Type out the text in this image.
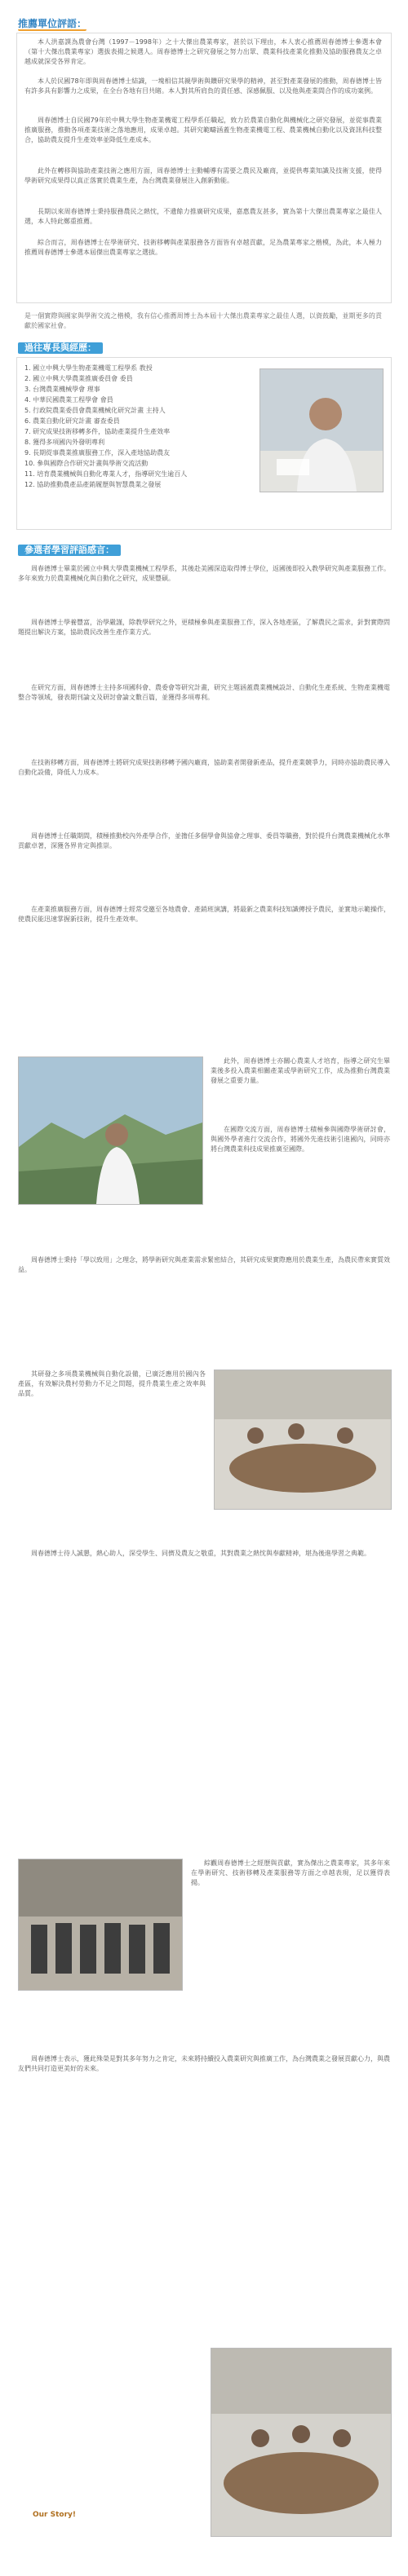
推薦單位評語：

本人洪嘉謨為農會台灣（1997－1998年）之十大傑出農業專家，甚於以下理由，本人衷心推薦周春德博士參選本會（第十大傑出農業專家）選拔表揚之候選人。周春德博士之研究發展之努力出眾、農業科技產業化推動及協助服務農友之卓越成就深受各界肯定。

本人於民國78年即與周春德博士結識，一塊相信其親學術與鑽研究果學的精神，甚至對產業發展的推動，周春德博士皆有許多具有影響力之成果，在全台各地有目共睹。本人對其所肩負的責任感、深感佩服、以及他與產業間合作的成功案例。

周春德博士自民國79年於中興大學生物產業機電工程學系任職起，致力於農業自動化與機械化之研究發展，並從事農業推廣服務，推動各項產業技術之落地應用，成果卓越。其研究範疇涵蓋生物產業機電工程、農業機械自動化以及資訊科技整合，協助農友提升生產效率並降低生產成本。

此外在轉移與協助產業技術之應用方面，周春德博士主動輔導有需要之農民及廠商，並提供專業知識及技術支援，使得學術研究成果得以真正落實於農業生產，為台灣農業發展注入創新動能。

長期以來周春德博士秉持服務農民之熱忱，不遺餘力推廣研究成果，嘉惠農友甚多，實為第十大傑出農業專家之最佳人選，本人特此鄭重推薦。

綜合而言，周春德博士在學術研究、技術移轉與產業服務各方面皆有卓越貢獻，足為農業專家之楷模，為此，本人極力推薦周春德博士參選本屆傑出農業專家之選拔。

是一個實際與國家與學術交流之楷模，我有信心推薦周博士為本屆十大傑出農業專家之最佳人選，以資鼓勵，並期更多的貢獻於國家社會。

過往專長與經歷：
1. 國立中興大學生物產業機電工程學系 教授
2. 國立中興大學農業推廣委員會 委員
3. 台灣農業機械學會 理事
4. 中華民國農業工程學會 會員
5. 行政院農業委員會農業機械化研究計畫 主持人
6. 農業自動化研究計畫 審查委員
7. 研究成果技術移轉多件，協助產業提升生產效率
8. 獲得多項國內外發明專利
9. 長期從事農業推廣服務工作，深入產地協助農友
10. 參與國際合作研究計畫與學術交流活動
11. 培育農業機械與自動化專業人才，指導研究生逾百人
12. 協助推動農產品產銷履歷與智慧農業之發展
參選者學習評語感言：

周春德博士畢業於國立中興大學農業機械工程學系，其後赴美國深造取得博士學位，返國後即投入教學研究與產業服務工作。多年來致力於農業機械化與自動化之研究，成果豐碩。

周春德博士學養豐富，治學嚴謹，除教學研究之外，更積極參與產業服務工作，深入各地產區，了解農民之需求，針對實際問題提出解決方案，協助農民改善生產作業方式。

在研究方面，周春德博士主持多項國科會、農委會等研究計畫，研究主題涵蓋農業機械設計、自動化生產系統、生物產業機電整合等領域，發表期刊論文及研討會論文數百篇，並獲得多項專利。

在技術移轉方面，周春德博士將研究成果技術移轉予國內廠商，協助業者開發新產品，提升產業競爭力，同時亦協助農民導入自動化設備，降低人力成本。

周春德博士任職期間，積極推動校內外產學合作，並擔任多個學會與協會之理事、委員等職務，對於提升台灣農業機械化水準貢獻卓著，深獲各界肯定與推崇。

在產業推廣服務方面，周春德博士經常受邀至各地農會、產銷班演講，將最新之農業科技知識傳授予農民，並實地示範操作，使農民能迅速掌握新技術，提升生產效率。

此外，周春德博士亦關心農業人才培育，指導之研究生畢業後多投入農業相關產業或學術研究工作，成為推動台灣農業發展之重要力量。

在國際交流方面，周春德博士積極參與國際學術研討會，與國外學者進行交流合作，將國外先進技術引進國內，同時亦將台灣農業科技成果推廣至國際。

周春德博士秉持「學以致用」之理念，將學術研究與產業需求緊密結合，其研究成果實際應用於農業生產，為農民帶來實質效益。

其研發之多項農業機械與自動化設備，已廣泛應用於國內各產區，有效解決農村勞動力不足之問題，提升農業生產之效率與品質。

周春德博士待人誠懇，熱心助人，深受學生、同儕及農友之敬重，其對農業之熱忱與奉獻精神，堪為後進學習之典範。

綜觀周春德博士之經歷與貢獻，實為傑出之農業專家，其多年來在學術研究、技術移轉及產業服務等方面之卓越表現，足以獲得表揚。

周春德博士表示，獲此殊榮是對其多年努力之肯定，未來將持續投入農業研究與推廣工作，為台灣農業之發展貢獻心力，與農友們共同打造更美好的未來。

Our Story!
